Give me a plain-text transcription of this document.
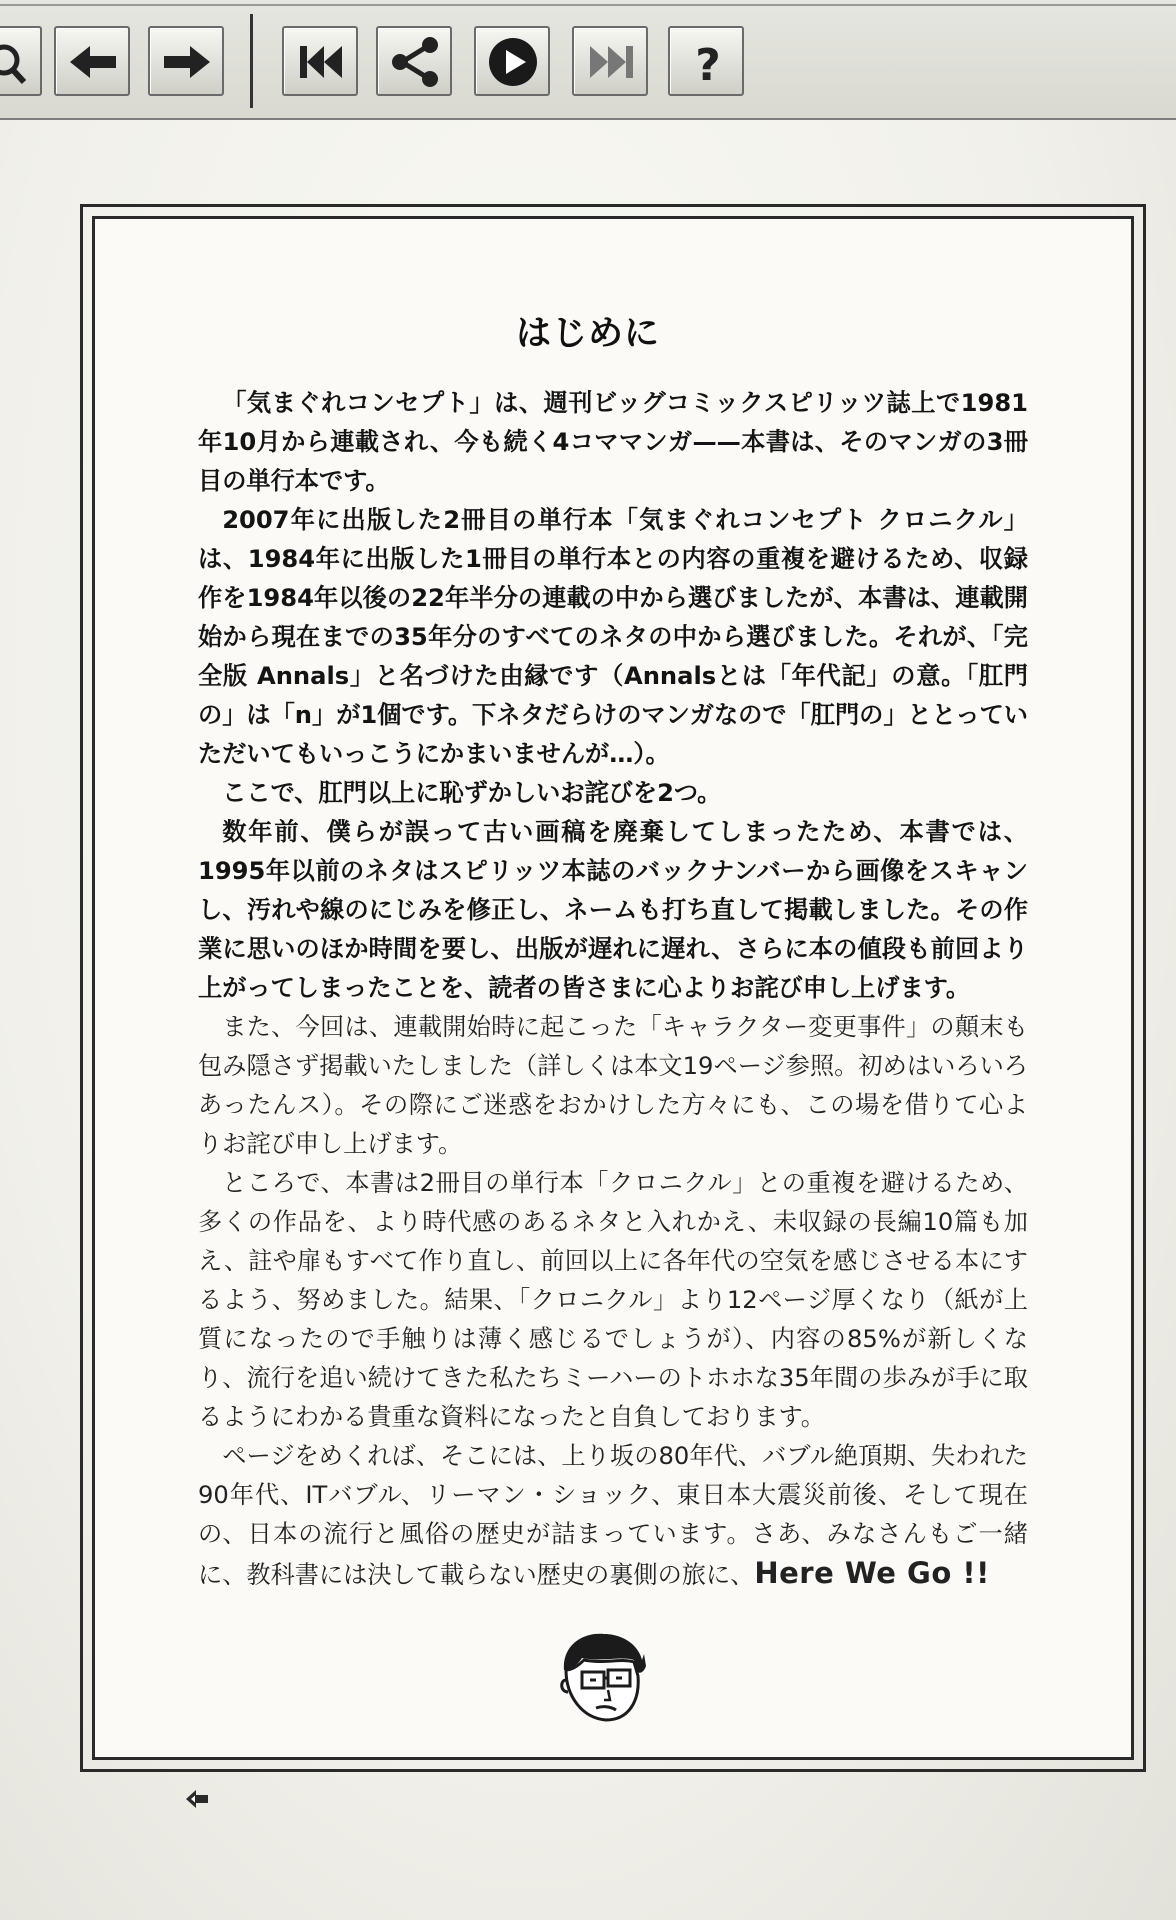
?
はじめに

「気まぐれコンセプト」は、週刊ビッグコミックスピリッツ誌上で1981年10月から連載され、今も続く4コママンガ——本書は、そのマンガの3冊目の単行本です。

2007年に出版した2冊目の単行本「気まぐれコンセプト クロニクル」は、1984年に出版した1冊目の単行本との内容の重複を避けるため、収録作を1984年以後の22年半分の連載の中から選びましたが、本書は、連載開始から現在までの35年分のすべてのネタの中から選びました。それが、「完全版 Annals」と名づけた由縁です（Annalsとは「年代記」の意。「肛門の」は「n」が1個です。下ネタだらけのマンガなので「肛門の」ととっていただいてもいっこうにかまいませんが…）。

ここで、肛門以上に恥ずかしいお詫びを2つ。

数年前、僕らが誤って古い画稿を廃棄してしまったため、本書では、1995年以前のネタはスピリッツ本誌のバックナンバーから画像をスキャンし、汚れや線のにじみを修正し、ネームも打ち直して掲載しました。その作業に思いのほか時間を要し、出版が遅れに遅れ、さらに本の値段も前回より上がってしまったことを、読者の皆さまに心よりお詫び申し上げます。

また、今回は、連載開始時に起こった「キャラクター変更事件」の顛末も包み隠さず掲載いたしました（詳しくは本文19ページ参照。初めはいろいろあったんス）。その際にご迷惑をおかけした方々にも、この場を借りて心よりお詫び申し上げます。

ところで、本書は2冊目の単行本「クロニクル」との重複を避けるため、多くの作品を、より時代感のあるネタと入れかえ、未収録の長編10篇も加え、註や扉もすべて作り直し、前回以上に各年代の空気を感じさせる本にするよう、努めました。結果、「クロニクル」より12ページ厚くなり（紙が上質になったので手触りは薄く感じるでしょうが）、内容の85%が新しくなり、流行を追い続けてきた私たちミーハーのトホホな35年間の歩みが手に取るようにわかる貴重な資料になったと自負しております。

ページをめくれば、そこには、上り坂の80年代、バブル絶頂期、失われた90年代、ITバブル、リーマン・ショック、東日本大震災前後、そして現在の、日本の流行と風俗の歴史が詰まっています。さあ、みなさんもご一緒に、教科書には決して載らない歴史の裏側の旅に、Here We Go !!
